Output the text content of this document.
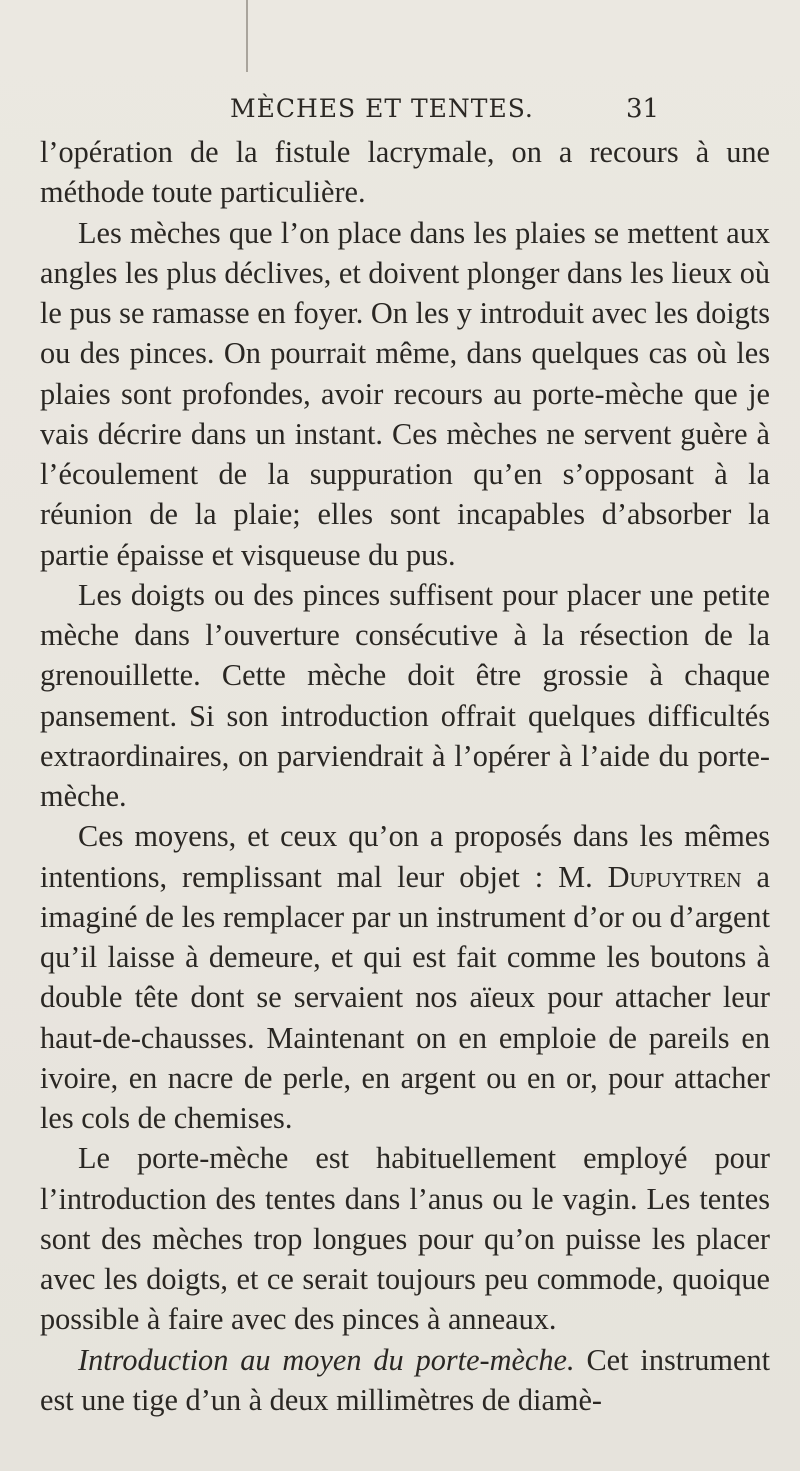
MÈCHES ET TENTES.	31

l’opération de la fistule lacrymale, on a recours à une méthode toute particulière.

Les mèches que l’on place dans les plaies se mettent aux angles les plus déclives, et doivent plonger dans les lieux où le pus se ramasse en foyer. On les y introduit avec les doigts ou des pinces. On pourrait même, dans quelques cas où les plaies sont profondes, avoir recours au porte-mèche que je vais décrire dans un instant. Ces mèches ne servent guère à l’écoulement de la suppuration qu’en s’opposant à la réunion de la plaie; elles sont incapables d’absorber la partie épaisse et visqueuse du pus.

Les doigts ou des pinces suffisent pour placer une petite mèche dans l’ouverture consécutive à la résection de la grenouillette. Cette mèche doit être grossie à chaque pansement. Si son introduction offrait quelques difficultés extraordinaires, on parviendrait à l’opérer à l’aide du porte-mèche.

Ces moyens, et ceux qu’on a proposés dans les mêmes intentions, remplissant mal leur objet : M. Dupuytren a imaginé de les remplacer par un instrument d’or ou d’argent qu’il laisse à demeure, et qui est fait comme les boutons à double tête dont se servaient nos aïeux pour attacher leur haut-de-chausses. Maintenant on en emploie de pareils en ivoire, en nacre de perle, en argent ou en or, pour attacher les cols de chemises.

Le porte-mèche est habituellement employé pour l’introduction des tentes dans l’anus ou le vagin. Les tentes sont des mèches trop longues pour qu’on puisse les placer avec les doigts, et ce serait toujours peu commode, quoique possible à faire avec des pinces à anneaux.

Introduction au moyen du porte-mèche. Cet instrument est une tige d’un à deux millimètres de diamè-
